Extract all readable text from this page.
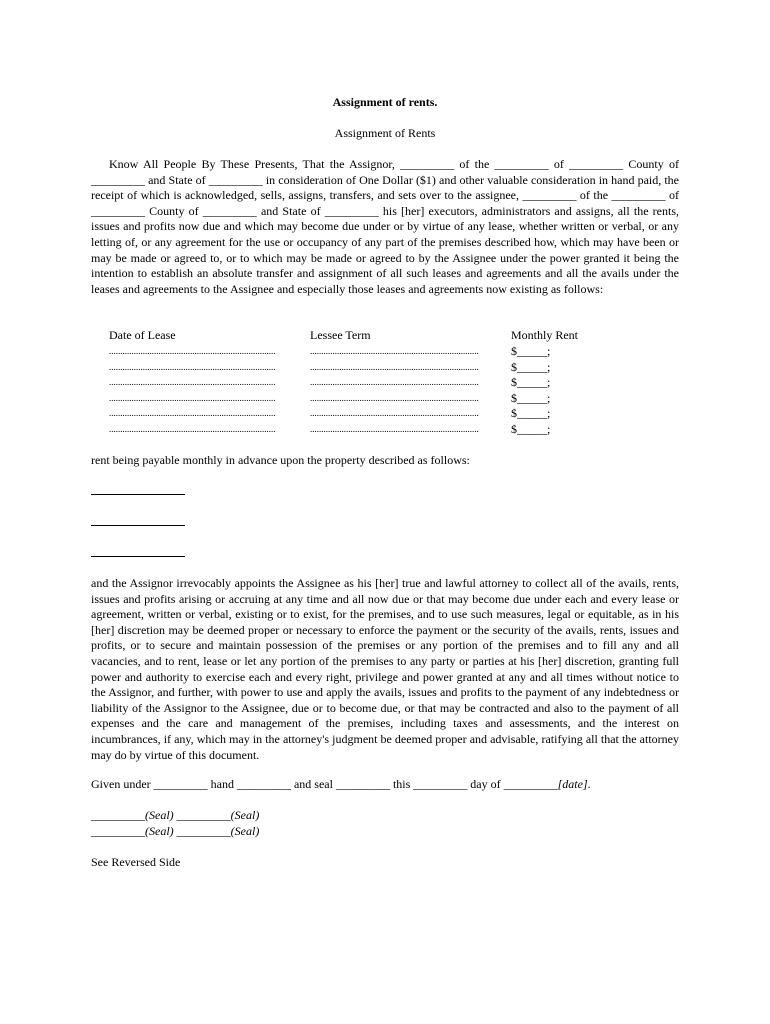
Assignment of rents.
Assignment of Rents
Know All People By These Presents, That the Assignor, _________ of the _________ of _________ County of _________ and State of _________ in consideration of One Dollar ($1) and other valuable consideration in hand paid, the receipt of which is acknowledged, sells, assigns, transfers, and sets over to the assignee, _________ of the _________ of _________ County of _________ and State of _________ his [her] executors, administrators and assigns, all the rents, issues and profits now due and which may become due under or by virtue of any lease, whether written or verbal, or any letting of, or any agreement for the use or occupancy of any part of the premises described how, which may have been or may be made or agreed to, or to which may be made or agreed to by the Assignee under the power granted it being the intention to establish an absolute transfer and assignment of all such leases and agreements and all the avails under the leases and agreements to the Assignee and especially those leases and agreements now existing as follows:
Date of Lease	Lessee Term	Monthly Rent
..........................................................................	...........................................................................	$_____;
..........................................................................	...........................................................................	$_____;
..........................................................................	...........................................................................	$_____;
..........................................................................	...........................................................................	$_____;
..........................................................................	...........................................................................	$_____;
..........................................................................	...........................................................................	$_____;
rent being payable monthly in advance upon the property described as follows:
and the Assignor irrevocably appoints the Assignee as his [her] true and lawful attorney to collect all of the avails, rents, issues and profits arising or accruing at any time and all now due or that may become due under each and every lease or agreement, written or verbal, existing or to exist, for the premises, and to use such measures, legal or equitable, as in his [her] discretion may be deemed proper or necessary to enforce the payment or the security of the avails, rents, issues and profits, or to secure and maintain possession of the premises or any portion of the premises and to fill any and all vacancies, and to rent, lease or let any portion of the premises to any party or parties at his [her] discretion, granting full power and authority to exercise each and every right, privilege and power granted at any and all times without notice to the Assignor, and further, with power to use and apply the avails, issues and profits to the payment of any indebtedness or liability of the Assignor to the Assignee, due or to become due, or that may be contracted and also to the payment of all expenses and the care and management of the premises, including taxes and assessments, and the interest on incumbrances, if any, which may in the attorney's judgment be deemed proper and advisable, ratifying all that the attorney may do by virtue of this document.
Given under _________ hand _________ and seal _________ this _________ day of _________[date].
_________(Seal) _________(Seal)
_________(Seal) _________(Seal)
See Reversed Side
